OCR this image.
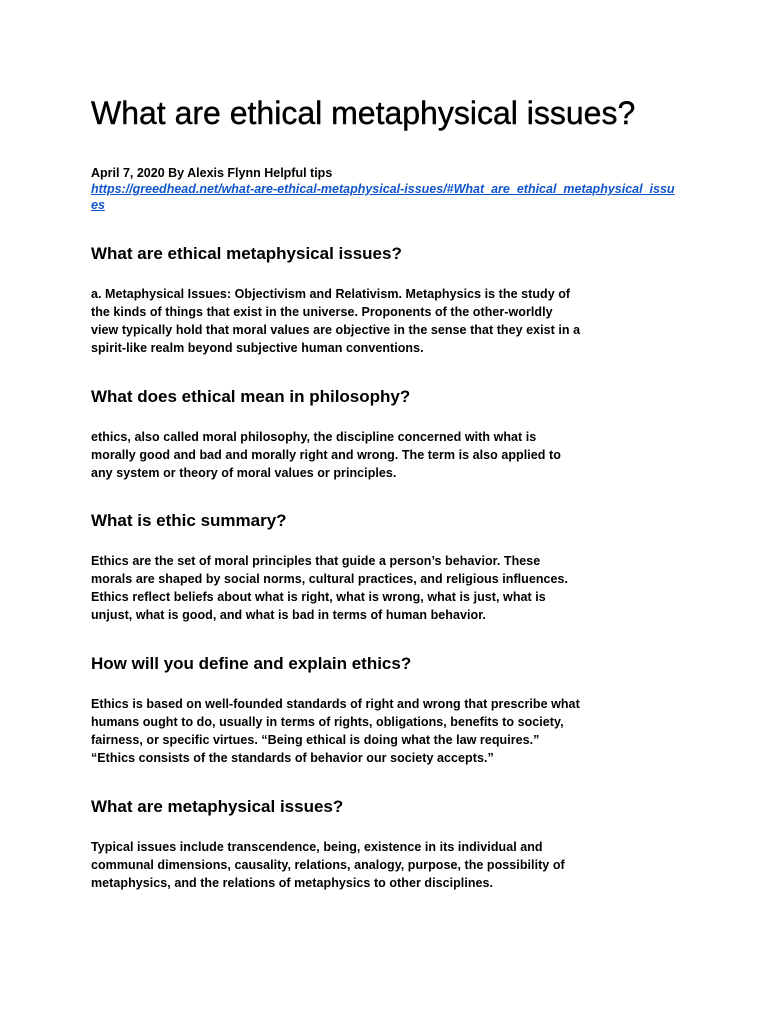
What are ethical metaphysical issues?
April 7, 2020 By Alexis Flynn Helpful tips
https://greedhead.net/what-are-ethical-metaphysical-issues/#What_are_ethical_metaphysical_issues
What are ethical metaphysical issues?

a. Metaphysical Issues: Objectivism and Relativism. Metaphysics is the study of
the kinds of things that exist in the universe. Proponents of the other-worldly
view typically hold that moral values are objective in the sense that they exist in a
spirit-like realm beyond subjective human conventions.

What does ethical mean in philosophy?

ethics, also called moral philosophy, the discipline concerned with what is
morally good and bad and morally right and wrong. The term is also applied to
any system or theory of moral values or principles.

What is ethic summary?

Ethics are the set of moral principles that guide a person’s behavior. These
morals are shaped by social norms, cultural practices, and religious influences.
Ethics reflect beliefs about what is right, what is wrong, what is just, what is
unjust, what is good, and what is bad in terms of human behavior.

How will you define and explain ethics?

Ethics is based on well-founded standards of right and wrong that prescribe what
humans ought to do, usually in terms of rights, obligations, benefits to society,
fairness, or specific virtues. “Being ethical is doing what the law requires.”
“Ethics consists of the standards of behavior our society accepts.”

What are metaphysical issues?

Typical issues include transcendence, being, existence in its individual and
communal dimensions, causality, relations, analogy, purpose, the possibility of
metaphysics, and the relations of metaphysics to other disciplines.
